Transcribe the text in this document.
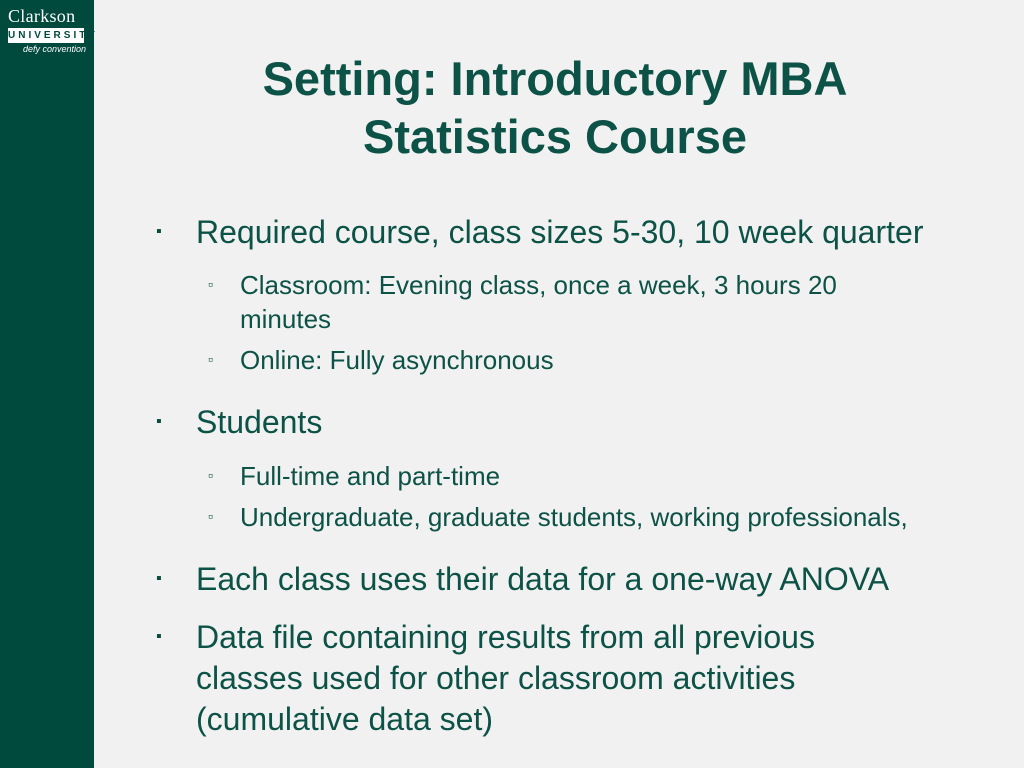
Clarkson
UNIVERSITY
defy convention
Setting: Introductory MBA
Statistics Course
▪ Required course, class sizes 5-30, 10 week quarter
▫ Classroom: Evening class, once a week, 3 hours 20 minutes
▫ Online: Fully asynchronous
▪ Students
▫ Full-time and part-time
▫ Undergraduate, graduate students, working professionals,
▪ Each class uses their data for a one-way ANOVA
▪ Data file containing results from all previous classes used for other classroom activities (cumulative data set)
